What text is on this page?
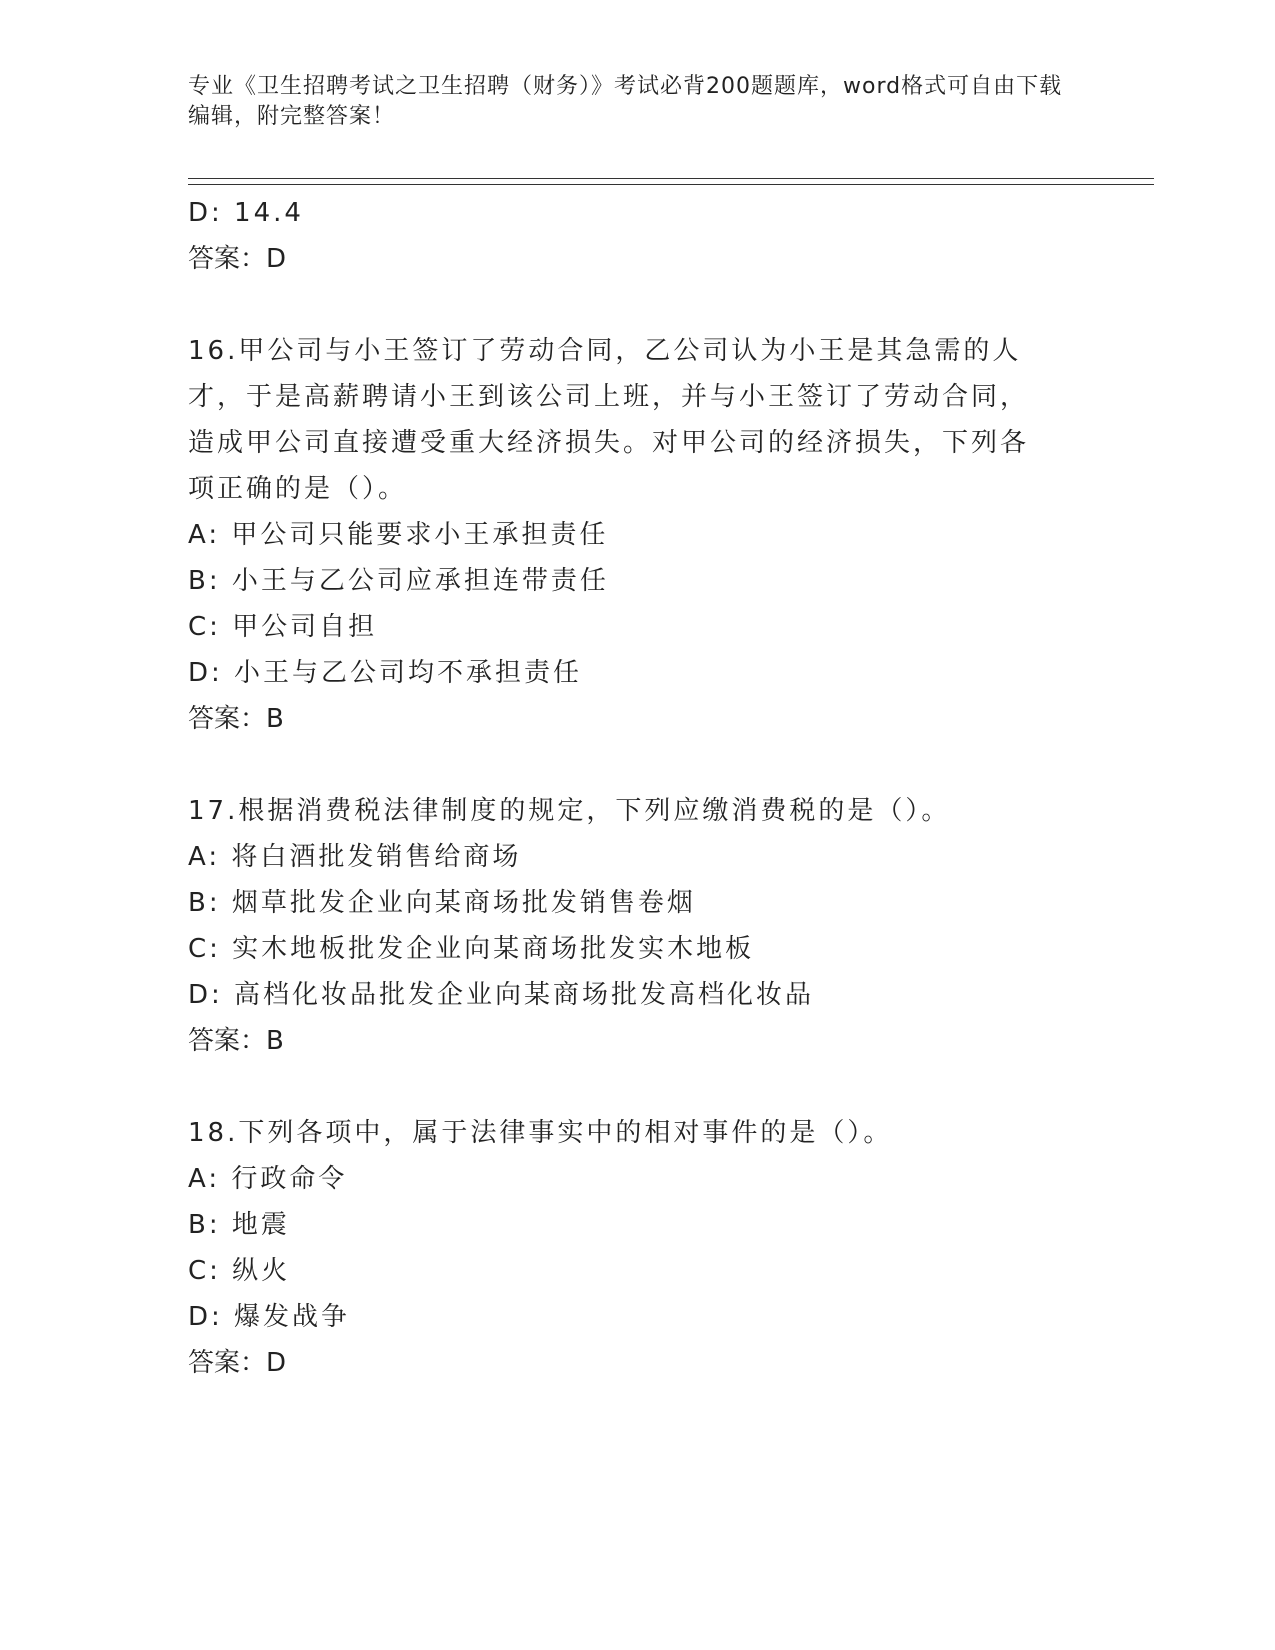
专业《卫生招聘考试之卫生招聘（财务）》考试必背200题题库，word格式可自由下载编辑，附完整答案！
D: 14.4
答案：D
16.甲公司与小王签订了劳动合同，乙公司认为小王是其急需的人才，于是高薪聘请小王到该公司上班，并与小王签订了劳动合同，造成甲公司直接遭受重大经济损失。对甲公司的经济损失，下列各项正确的是（）。
A: 甲公司只能要求小王承担责任
B: 小王与乙公司应承担连带责任
C: 甲公司自担
D: 小王与乙公司均不承担责任
答案：B
17.根据消费税法律制度的规定，下列应缴消费税的是（）。
A: 将白酒批发销售给商场
B: 烟草批发企业向某商场批发销售卷烟
C: 实木地板批发企业向某商场批发实木地板
D: 高档化妆品批发企业向某商场批发高档化妆品
答案：B
18.下列各项中，属于法律事实中的相对事件的是（）。
A: 行政命令
B: 地震
C: 纵火
D: 爆发战争
答案：D
